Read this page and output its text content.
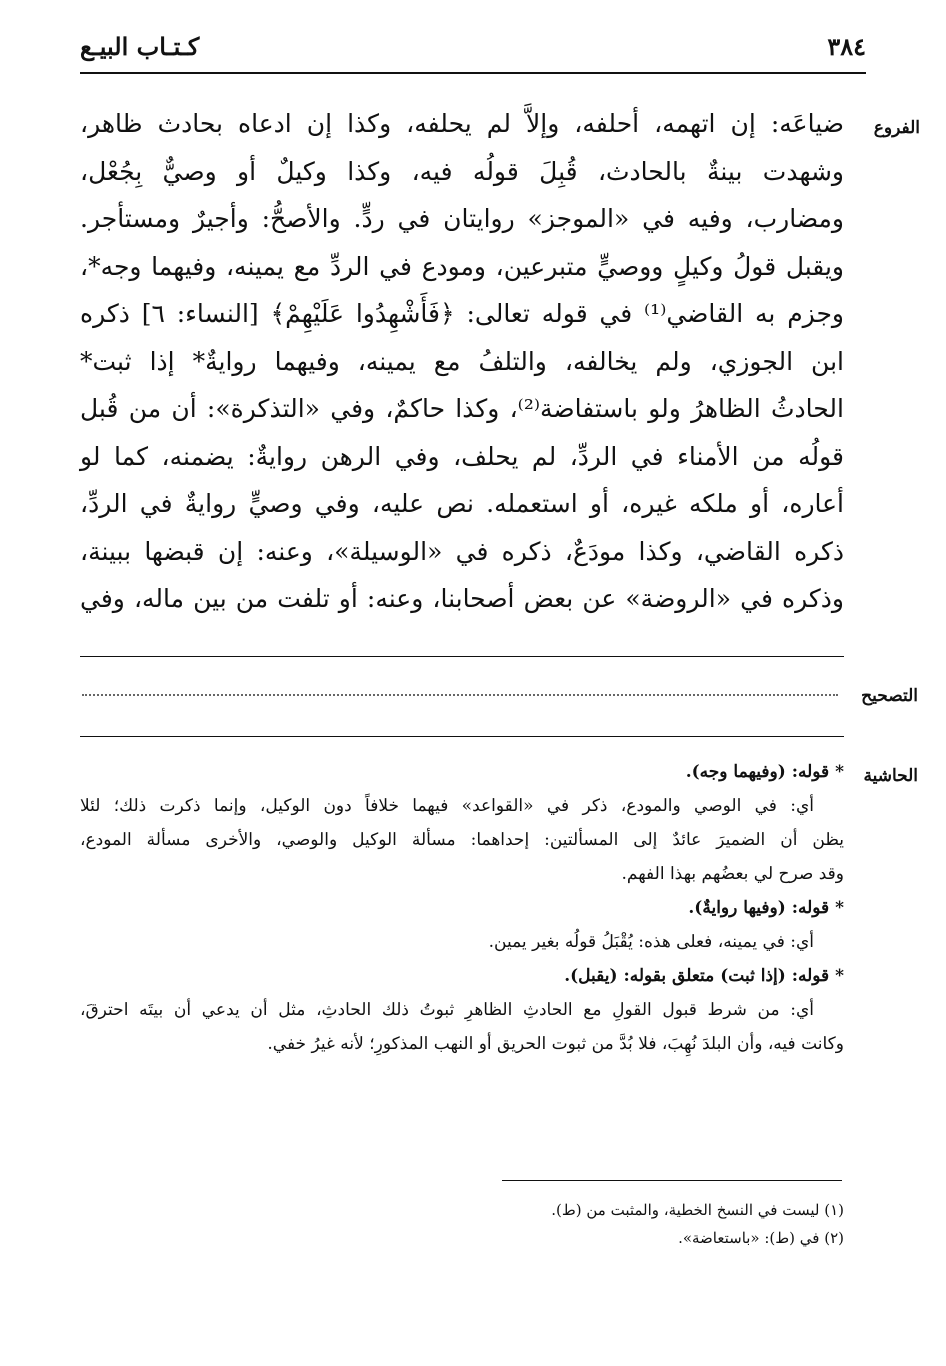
٣٨٤
كـتـاب البيـع
الفروع
ضياعَه: إن اتهمه، أحلفه، وإلاَّ لم يحلفه، وكذا إن ادعاه بحادث ظاهر،
وشهدت بينةٌ بالحادث، قُبِلَ قولُه فيه، وكذا وكيلٌ أو وصيٌّ بِجُعْل،
ومضارب، وفيه في «الموجز» روايتان في ردٍّ. والأصحُّ: وأجيرٌ ومستأجر.
ويقبل قولُ وكيلٍ ووصيٍّ متبرعين، ومودع في الردِّ مع يمينه، وفيهما وجه*،
وجزم به القاضي⁽¹⁾ في قوله تعالى: ﴿فَأَشْهِدُوا عَلَيْهِمْ﴾ [النساء: ٦] ذكره
ابن الجوزي، ولم يخالفه، والتلفُ مع يمينه، وفيهما روايةٌ* إذا ثبت*
الحادثُ الظاهرُ ولو باستفاضة⁽²⁾، وكذا حاكمٌ، وفي «التذكرة»: أن من قُبل
قولُه من الأمناء في الردِّ، لم يحلف، وفي الرهن روايةٌ: يضمنه، كما لو
أعاره، أو ملكه غيره، أو استعمله. نص عليه، وفي وصيٍّ روايةٌ في الردِّ،
ذكره القاضي، وكذا مودَعٌ، ذكره في «الوسيلة»، وعنه: إن قبضها ببينة،
وذكره في «الروضة» عن بعض أصحابنا، وعنه: أو تلفت من بين ماله، وفي
التصحيح
الحاشية
* قوله: (وفيهما وجه).
أي: في الوصي والمودع، ذكر في «القواعد» فيهما خلافاً دون الوكيل، وإنما ذكرت ذلك؛ لئلا
يظن أن الضميرَ عائدٌ إلى المسألتين: إحداهما: مسألة الوكيل والوصي، والأخرى مسألة المودع،
وقد صرح لي بعضُهم بهذا الفهم.
* قوله: (وفيها روايةٌ).
أي: في يمينه، فعلى هذه: يُقْبَلُ قولُه بغير يمين.
* قوله: (إذا ثبت) متعلق بقوله: (يقبل).
أي: من شرط قبول القولِ مع الحادثِ الظاهرِ ثبوتُ ذلك الحادثِ، مثل أن يدعي أن بيتَه احترقَ،
وكانت فيه، وأن البلدَ نُهِبَ، فلا بُدَّ من ثبوت الحريق أو النهب المذكورِ؛ لأنه غيرُ خفي.
(١) ليست في النسخ الخطية، والمثبت من (ط).
(٢) في (ط): «باستعاضة».
